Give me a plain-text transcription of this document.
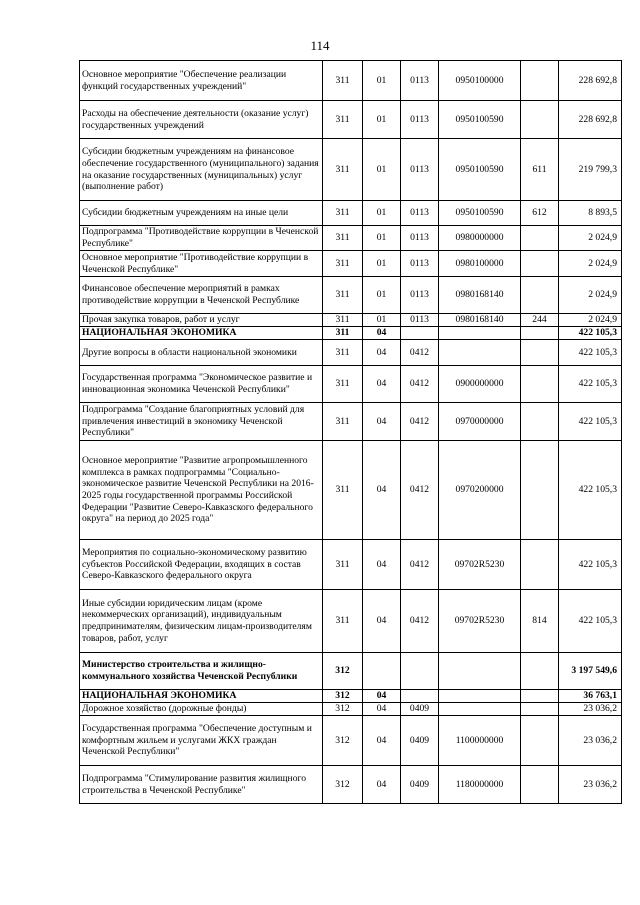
114
Основное мероприятие "Обеспечение реализации функций государственных учреждений"	311	01	0113	0950100000		228 692,8
Расходы на обеспечение деятельности (оказание услуг) государственных учреждений	311	01	0113	0950100590		228 692,8
Субсидии бюджетным учреждениям на финансовое обеспечение государственного (муниципального) задания на оказание государственных (муниципальных) услуг (выполнение работ)	311	01	0113	0950100590	611	219 799,3
Субсидии бюджетным учреждениям на иные цели	311	01	0113	0950100590	612	8 893,5
Подпрограмма "Противодействие коррупции в Чеченской Республике"	311	01	0113	0980000000		2 024,9
Основное мероприятие "Противодействие коррупции в Чеченской Республике"	311	01	0113	0980100000		2 024,9
Финансовое обеспечение мероприятий в рамках противодействие коррупции в Чеченской Республике	311	01	0113	0980168140		2 024,9
Прочая закупка товаров, работ и услуг	311	01	0113	0980168140	244	2 024,9
НАЦИОНАЛЬНАЯ ЭКОНОМИКА	311	04				422 105,3
Другие вопросы в области национальной экономики	311	04	0412			422 105,3
Государственная программа "Экономическое развитие и инновационная экономика Чеченской Республики"	311	04	0412	0900000000		422 105,3
Подпрограмма "Создание благоприятных условий для привлечения инвестиций в экономику Чеченской Республики"	311	04	0412	0970000000		422 105,3
Основное мероприятие "Развитие агропромышленного комплекса в рамках подпрограммы "Социально-экономическое развитие Чеченской Республики на 2016-2025 годы государственной программы Российской Федерации "Развитие Северо-Кавказского федерального округа" на период до 2025 года"	311	04	0412	0970200000		422 105,3
Мероприятия по социально-экономическому развитию субъектов Российской Федерации, входящих в состав Северо-Кавказского федерального округа	311	04	0412	09702R5230		422 105,3
Иные субсидии юридическим лицам (кроме некоммерческих организаций), индивидуальным предпринимателям, физическим лицам-производителям товаров, работ, услуг	311	04	0412	09702R5230	814	422 105,3
Министерство строительства и жилищно-коммунального хозяйства Чеченской Республики	312					3 197 549,6
НАЦИОНАЛЬНАЯ ЭКОНОМИКА	312	04				36 763,1
Дорожное хозяйство (дорожные фонды)	312	04	0409			23 036,2
Государственная программа "Обеспечение доступным и комфортным жильем и услугами ЖКХ граждан Чеченской Республики"	312	04	0409	1100000000		23 036,2
Подпрограмма "Стимулирование развития жилищного строительства в Чеченской Республике"	312	04	0409	1180000000		23 036,2
